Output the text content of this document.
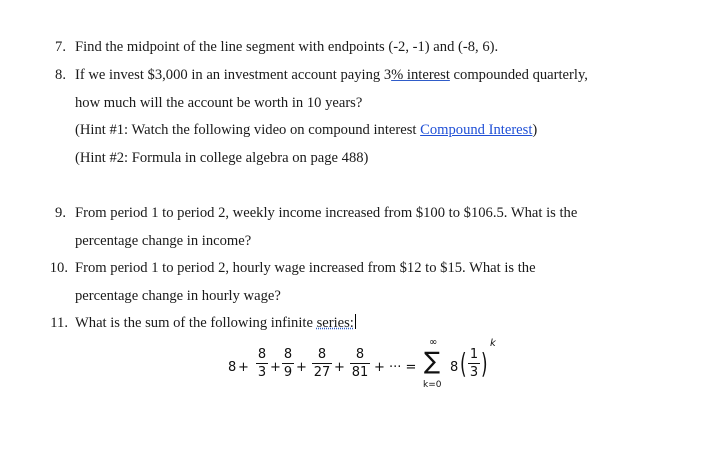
7. Find the midpoint of the line segment with endpoints (-2, -1) and (-8, 6).
8. If we invest $3,000 in an investment account paying 3% interest compounded quarterly,
how much will the account be worth in 10 years?
(Hint #1: Watch the following video on compound interest Compound Interest)
(Hint #2: Formula in college algebra on page 488)
9. From period 1 to period 2, weekly income increased from $100 to $106.5. What is the
percentage change in income?
10. From period 1 to period 2, hourly wage increased from $12 to $15. What is the
percentage change in hourly wage?
11. What is the sum of the following infinite series:
8 +
8
3 +
8
9 +
8
27 +
8
81 + ··· =
∞
∑
k=0
8 ( 1
3 )
k
